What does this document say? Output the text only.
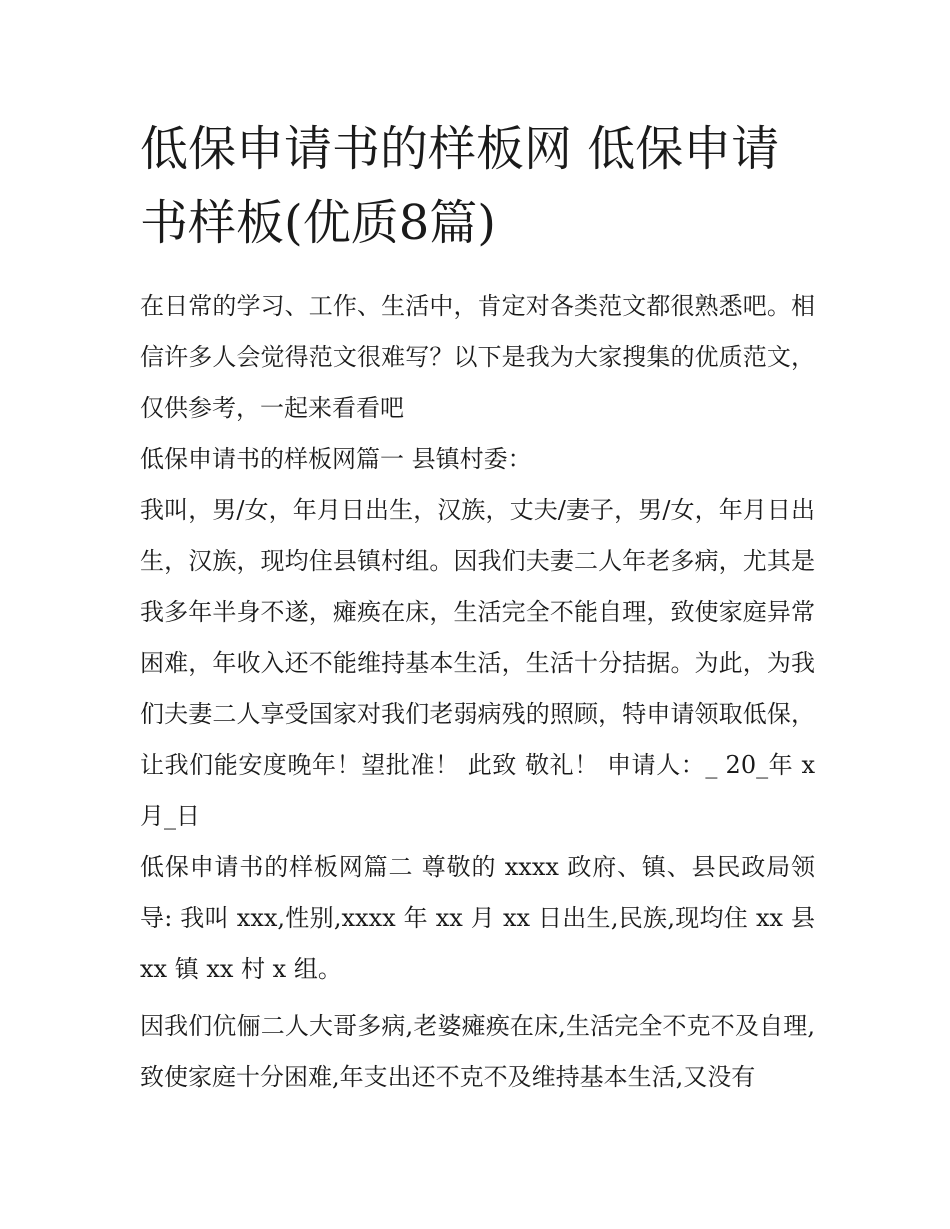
低保申请书的样板网 低保申请书样板(优质8篇)

在日常的学习、工作、生活中，肯定对各类范文都很熟悉吧。相信许多人会觉得范文很难写？以下是我为大家搜集的优质范文，仅供参考，一起来看看吧

低保申请书的样板网篇一 县镇村委：

我叫，男/女，年月日出生，汉族，丈夫/妻子，男/女，年月日出生，汉族，现均住县镇村组。因我们夫妻二人年老多病，尤其是我多年半身不遂，瘫痪在床，生活完全不能自理，致使家庭异常困难，年收入还不能维持基本生活，生活十分拮据。为此，为我们夫妻二人享受国家对我们老弱病残的照顾，特申请领取低保，让我们能安度晚年！望批准！ 此致 敬礼！ 申请人：_ 20_年 x 月_日

低保申请书的样板网篇二 尊敬的 xxxx 政府、镇、县民政局领导: 我叫 xxx,性别,xxxx 年 xx 月 xx 日出生,民族,现均住 xx 县 xx 镇 xx 村 x 组。

因我们伉俪二人大哥多病,老婆瘫痪在床,生活完全不克不及自理,致使家庭十分困难,年支出还不克不及维持基本生活,又没有
